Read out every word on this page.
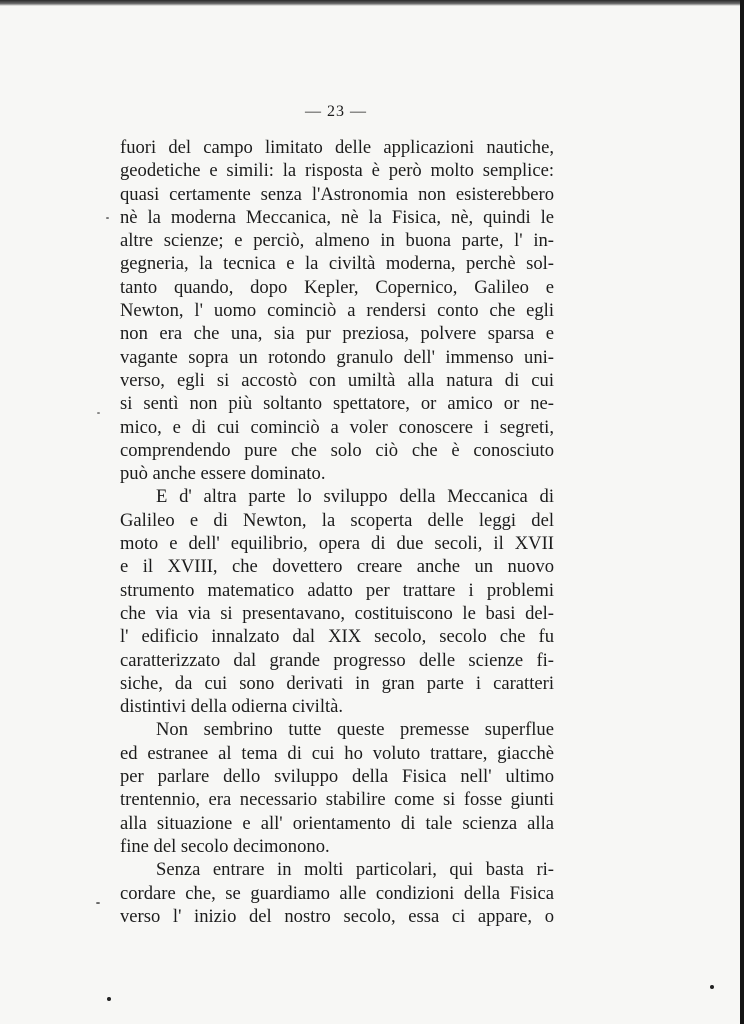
— 23 —
fuori del campo limitato delle applicazioni nautiche,
geodetiche e simili: la risposta è però molto semplice:
quasi certamente senza l'Astronomia non esisterebbero
nè la moderna Meccanica, nè la Fisica, nè, quindi le
altre scienze; e perciò, almeno in buona parte, l' in-
gegneria, la tecnica e la civiltà moderna, perchè sol-
tanto quando, dopo Kepler, Copernico, Galileo e
Newton, l' uomo cominciò a rendersi conto che egli
non era che una, sia pur preziosa, polvere sparsa e
vagante sopra un rotondo granulo dell' immenso uni-
verso, egli si accostò con umiltà alla natura di cui
si sentì non più soltanto spettatore, or amico or ne-
mico, e di cui cominciò a voler conoscere i segreti,
comprendendo pure che solo ciò che è conosciuto
può anche essere dominato.
E d' altra parte lo sviluppo della Meccanica di
Galileo e di Newton, la scoperta delle leggi del
moto e dell' equilibrio, opera di due secoli, il XVII
e il XVIII, che dovettero creare anche un nuovo
strumento matematico adatto per trattare i problemi
che via via si presentavano, costituiscono le basi del-
l' edificio innalzato dal XIX secolo, secolo che fu
caratterizzato dal grande progresso delle scienze fi-
siche, da cui sono derivati in gran parte i caratteri
distintivi della odierna civiltà.
Non sembrino tutte queste premesse superflue
ed estranee al tema di cui ho voluto trattare, giacchè
per parlare dello sviluppo della Fisica nell' ultimo
trentennio, era necessario stabilire come si fosse giunti
alla situazione e all' orientamento di tale scienza alla
fine del secolo decimonono.
Senza entrare in molti particolari, qui basta ri-
cordare che, se guardiamo alle condizioni della Fisica
verso l' inizio del nostro secolo, essa ci appare, o
